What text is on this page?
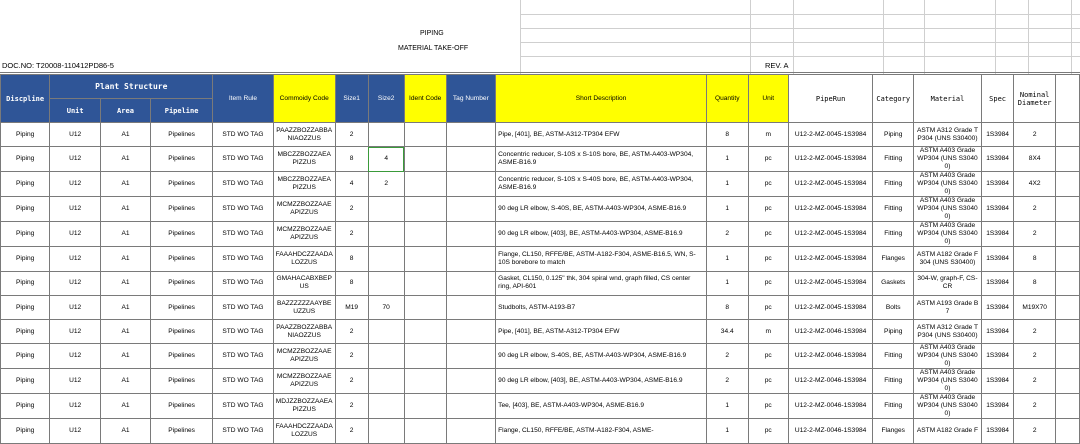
PIPING
MATERIAL TAKE-OFF
DOC.NO: T20008-110412PD86-5	REV. A
Discpline	Plant Structure			Item Rule	Commoidy Code	Size1	Size2	Ident Code	Tag Number	Short Description	Quantity	Unit	PipeRun	Category	Material	Spec	Nominal Diameter	
	Unit	Area	Pipeline															
Piping	U12	A1	Pipelines	STD WO TAG	PAAZZBOZZABBANIAOZZUS	2				Pipe, [401], BE, ASTM-A312-TP304 EFW	8	m	U12-2-MZ-0045-1S3984	Piping	ASTM A312 Grade TP304 (UNS S30400)	1S3984	2	
Piping	U12	A1	Pipelines	STD WO TAG	MBCZZBOZZAEAPIZZUS	8	4			Concentric reducer, S-10S x S-10S bore, BE, ASTM-A403-WP304, ASME-B16.9	1	pc	U12-2-MZ-0045-1S3984	Fitting	ASTM A403 Grade WP304 (UNS S30400)	1S3984	8X4	
Piping	U12	A1	Pipelines	STD WO TAG	MBCZZBOZZAEAPIZZUS	4	2			Concentric reducer, S-10S x S-40S bore, BE, ASTM-A403-WP304, ASME-B16.9	1	pc	U12-2-MZ-0045-1S3984	Fitting	ASTM A403 Grade WP304 (UNS S30400)	1S3984	4X2	
Piping	U12	A1	Pipelines	STD WO TAG	MCMZZBOZZAAEAPIZZUS	2				90 deg LR elbow, S-40S, BE, ASTM-A403-WP304, ASME-B16.9	1	pc	U12-2-MZ-0045-1S3984	Fitting	ASTM A403 Grade WP304 (UNS S30400)	1S3984	2	
Piping	U12	A1	Pipelines	STD WO TAG	MCMZZBOZZAAEAPIZZUS	2				90 deg LR elbow, [403], BE, ASTM-A403-WP304, ASME-B16.9	2	pc	U12-2-MZ-0045-1S3984	Fitting	ASTM A403 Grade WP304 (UNS S30400)	1S3984	2	
Piping	U12	A1	Pipelines	STD WO TAG	FAAAHDCZZAADALOZZUS	8				Flange, CL150, RFFE/BE, ASTM-A182-F304, ASME-B16.5, WN, S-10S borebore to match	1	pc	U12-2-MZ-0045-1S3984	Flanges	ASTM A182 Grade F 304 (UNS S30400)	1S3984	8	
Piping	U12	A1	Pipelines	STD WO TAG	GMAHACABXBEPUS	8				Gasket, CL150, 0.125" thk, 304 spiral wnd, graph filled, CS center ring, API-601	1	pc	U12-2-MZ-0045-1S3984	Gaskets	304-W, graph-F, CS-CR	1S3984	8	
Piping	U12	A1	Pipelines	STD WO TAG	BAZZZZZZAAYBEUZZUS	M19	70			Studbolts, ASTM-A193-B7	8	pc	U12-2-MZ-0045-1S3984	Bolts	ASTM A193 Grade B7	1S3984	M19X70	
Piping	U12	A1	Pipelines	STD WO TAG	PAAZZBOZZABBANIAOZZUS	2				Pipe, [401], BE, ASTM-A312-TP304 EFW	34.4	m	U12-2-MZ-0046-1S3984	Piping	ASTM A312 Grade TP304 (UNS S30400)	1S3984	2	
Piping	U12	A1	Pipelines	STD WO TAG	MCMZZBOZZAAEAPIZZUS	2				90 deg LR elbow, S-40S, BE, ASTM-A403-WP304, ASME-B16.9	2	pc	U12-2-MZ-0046-1S3984	Fitting	ASTM A403 Grade WP304 (UNS S30400)	1S3984	2	
Piping	U12	A1	Pipelines	STD WO TAG	MCMZZBOZZAAEAPIZZUS	2				90 deg LR elbow, [403], BE, ASTM-A403-WP304, ASME-B16.9	2	pc	U12-2-MZ-0046-1S3984	Fitting	ASTM A403 Grade WP304 (UNS S30400)	1S3984	2	
Piping	U12	A1	Pipelines	STD WO TAG	MDJZZBOZZAAEAPIZZUS	2				Tee, [403], BE, ASTM-A403-WP304, ASME-B16.9	1	pc	U12-2-MZ-0046-1S3984	Fitting	ASTM A403 Grade WP304 (UNS S30400)	1S3984	2	
Piping	U12	A1	Pipelines	STD WO TAG	FAAAHDCZZAADALOZZUS	2				Flange, CL150, RFFE/BE, ASTM-A182-F304, ASME-	1	pc	U12-2-MZ-0046-1S3984	Flanges	ASTM A182 Grade F	1S3984	2	
